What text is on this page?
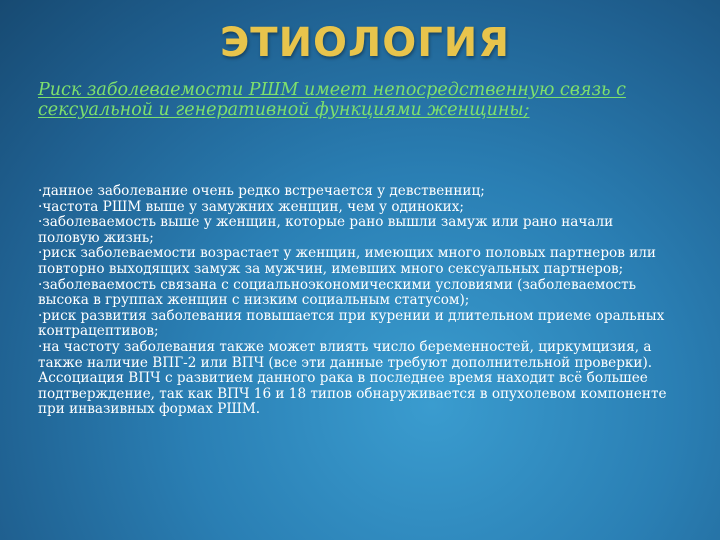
ЭТИОЛОГИЯ

Риск заболеваемости РШМ имеет непосредственную связь с сексуальной и генеративной функциями женщины;

·данное заболевание очень редко встречается у девственниц;
·частота РШМ выше у замужних женщин, чем у одиноких;
·заболеваемость выше у женщин, которые рано вышли замуж или рано начали половую жизнь;
·риск заболеваемости возрастает у женщин, имеющих много половых партнеров или повторно выходящих замуж за мужчин, имевших много сексуальных партнеров;
·заболеваемость связана с социальноэкономическими условиями (заболеваемость высока в группах женщин с низким социальным статусом);
·риск развития заболевания повышается при курении и длительном приеме оральных контрацептивов;
·на частоту заболевания также может влиять число беременностей, циркумцизия, а также наличие ВПГ-2 или ВПЧ (все эти данные требуют дополнительной проверки). Ассоциация ВПЧ с развитием данного рака в последнее время находит всё большее подтверждение, так как ВПЧ 16 и 18 типов обнаруживается в опухолевом компоненте при инвазивных формах РШМ.
